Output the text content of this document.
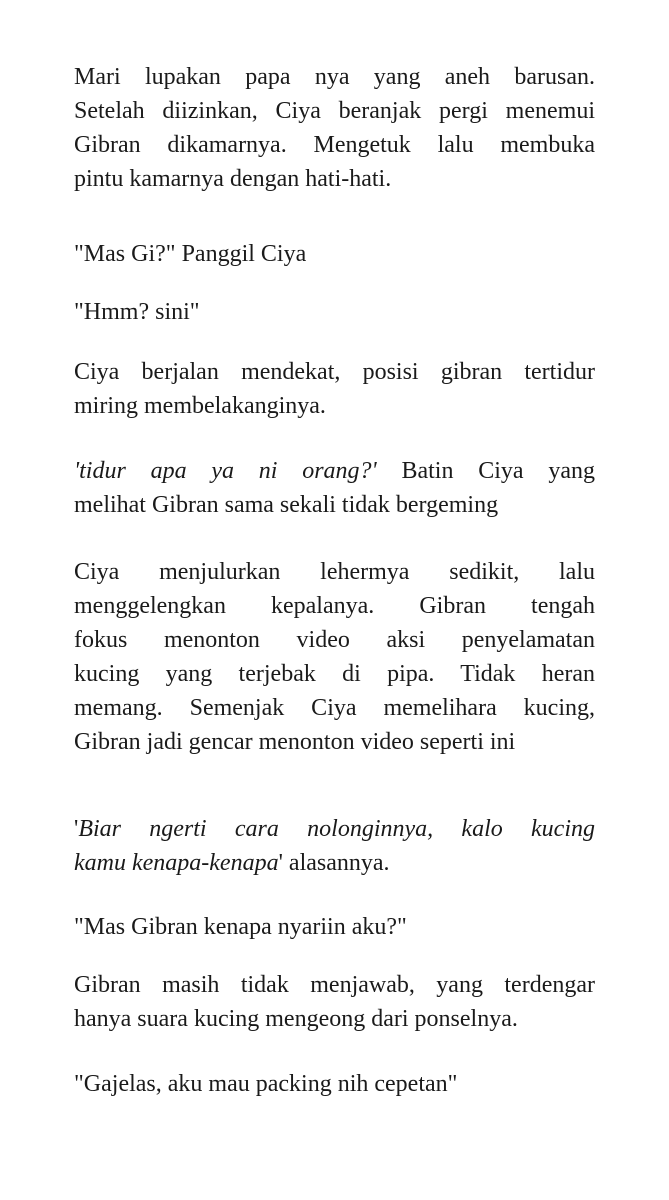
Mari lupakan papa nya yang aneh barusan.
Setelah diizinkan, Ciya beranjak pergi menemui
Gibran dikamarnya. Mengetuk lalu membuka
pintu kamarnya dengan hati-hati.
"Mas Gi?" Panggil Ciya
"Hmm? sini"
Ciya berjalan mendekat, posisi gibran tertidur
miring membelakanginya.
'tidur apa ya ni orang?' Batin Ciya yang
melihat Gibran sama sekali tidak bergeming
Ciya menjulurkan lehermya sedikit, lalu
menggelengkan kepalanya. Gibran tengah
fokus menonton video aksi penyelamatan
kucing yang terjebak di pipa. Tidak heran
memang. Semenjak Ciya memelihara kucing,
Gibran jadi gencar menonton video seperti ini
'Biar ngerti cara nolonginnya, kalo kucing
kamu kenapa-kenapa' alasannya.
"Mas Gibran kenapa nyariin aku?"
Gibran masih tidak menjawab, yang terdengar
hanya suara kucing mengeong dari ponselnya.
"Gajelas, aku mau packing nih cepetan"
